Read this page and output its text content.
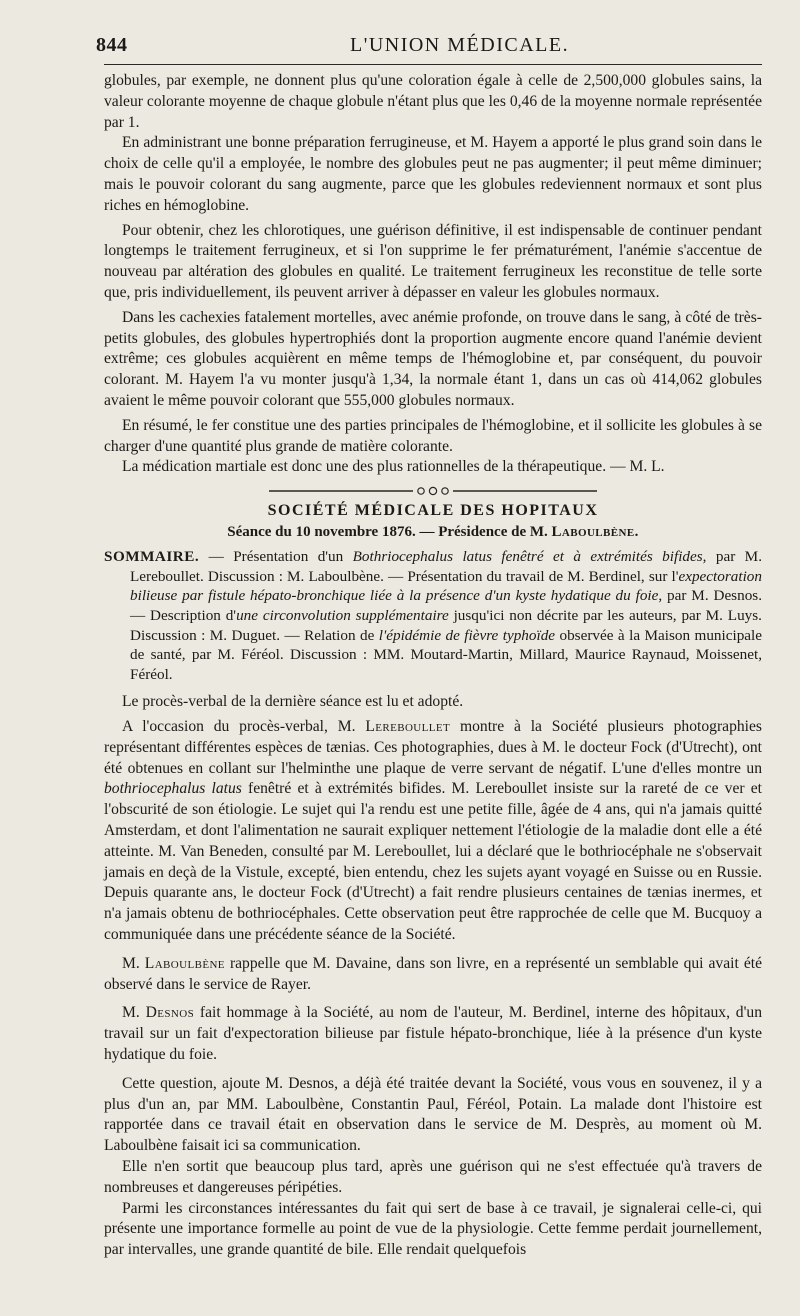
844	L'UNION MÉDICALE.

globules, par exemple, ne donnent plus qu'une coloration égale à celle de 2,500,000 globules sains, la valeur colorante moyenne de chaque globule n'étant plus que les 0,46 de la moyenne normale représentée par 1.

En administrant une bonne préparation ferrugineuse, et M. Hayem a apporté le plus grand soin dans le choix de celle qu'il a employée, le nombre des globules peut ne pas augmenter; il peut même diminuer; mais le pouvoir colorant du sang augmente, parce que les globules redeviennent normaux et sont plus riches en hémoglobine.

Pour obtenir, chez les chlorotiques, une guérison définitive, il est indispensable de continuer pendant longtemps le traitement ferrugineux, et si l'on supprime le fer prématurément, l'anémie s'accentue de nouveau par altération des globules en qualité. Le traitement ferrugineux les reconstitue de telle sorte que, pris individuellement, ils peuvent arriver à dépasser en valeur les globules normaux.

Dans les cachexies fatalement mortelles, avec anémie profonde, on trouve dans le sang, à côté de très-petits globules, des globules hypertrophiés dont la proportion augmente encore quand l'anémie devient extrême; ces globules acquièrent en même temps de l'hémoglobine et, par conséquent, du pouvoir colorant. M. Hayem l'a vu monter jusqu'à 1,34, la normale étant 1, dans un cas où 414,062 globules avaient le même pouvoir colorant que 555,000 globules normaux.

En résumé, le fer constitue une des parties principales de l'hémoglobine, et il sollicite les globules à se charger d'une quantité plus grande de matière colorante.

La médication martiale est donc une des plus rationnelles de la thérapeutique. — M. L.

SOCIÉTÉ MÉDICALE DES HOPITAUX
Séance du 10 novembre 1876. — Présidence de M. Laboulbène.
SOMMAIRE. — Présentation d'un Bothriocephalus latus fenêtré et à extrémités bifides, par M. Lereboullet. Discussion : M. Laboulbène. — Présentation du travail de M. Berdinel, sur l'expectoration bilieuse par fistule hépato-bronchique liée à la présence d'un kyste hydatique du foie, par M. Desnos. — Description d'une circonvolution supplémentaire jusqu'ici non décrite par les auteurs, par M. Luys. Discussion : M. Duguet. — Relation de l'épidémie de fièvre typhoïde observée à la Maison municipale de santé, par M. Féréol. Discussion : MM. Moutard-Martin, Millard, Maurice Raynaud, Moissenet, Féréol.

Le procès-verbal de la dernière séance est lu et adopté.

A l'occasion du procès-verbal, M. Lereboullet montre à la Société plusieurs photographies représentant différentes espèces de tænias. Ces photographies, dues à M. le docteur Fock (d'Utrecht), ont été obtenues en collant sur l'helminthe une plaque de verre servant de négatif. L'une d'elles montre un bothriocephalus latus fenêtré et à extrémités bifides. M. Lereboullet insiste sur la rareté de ce ver et l'obscurité de son étiologie. Le sujet qui l'a rendu est une petite fille, âgée de 4 ans, qui n'a jamais quitté Amsterdam, et dont l'alimentation ne saurait expliquer nettement l'étiologie de la maladie dont elle a été atteinte. M. Van Beneden, consulté par M. Lereboullet, lui a déclaré que le bothriocéphale ne s'observait jamais en deçà de la Vistule, excepté, bien entendu, chez les sujets ayant voyagé en Suisse ou en Russie. Depuis quarante ans, le docteur Fock (d'Utrecht) a fait rendre plusieurs centaines de tænias inermes, et n'a jamais obtenu de bothriocéphales. Cette observation peut être rapprochée de celle que M. Bucquoy a communiquée dans une précédente séance de la Société.

M. Laboulbène rappelle que M. Davaine, dans son livre, en a représenté un semblable qui avait été observé dans le service de Rayer.

M. Desnos fait hommage à la Société, au nom de l'auteur, M. Berdinel, interne des hôpitaux, d'un travail sur un fait d'expectoration bilieuse par fistule hépato-bronchique, liée à la présence d'un kyste hydatique du foie.

Cette question, ajoute M. Desnos, a déjà été traitée devant la Société, vous vous en souvenez, il y a plus d'un an, par MM. Laboulbène, Constantin Paul, Féréol, Potain. La malade dont l'histoire est rapportée dans ce travail était en observation dans le service de M. Desprès, au moment où M. Laboulbène faisait ici sa communication.

Elle n'en sortit que beaucoup plus tard, après une guérison qui ne s'est effectuée qu'à travers de nombreuses et dangereuses péripéties.

Parmi les circonstances intéressantes du fait qui sert de base à ce travail, je signalerai celle-ci, qui présente une importance formelle au point de vue de la physiologie. Cette femme perdait journellement, par intervalles, une grande quantité de bile. Elle rendait quelquefois
